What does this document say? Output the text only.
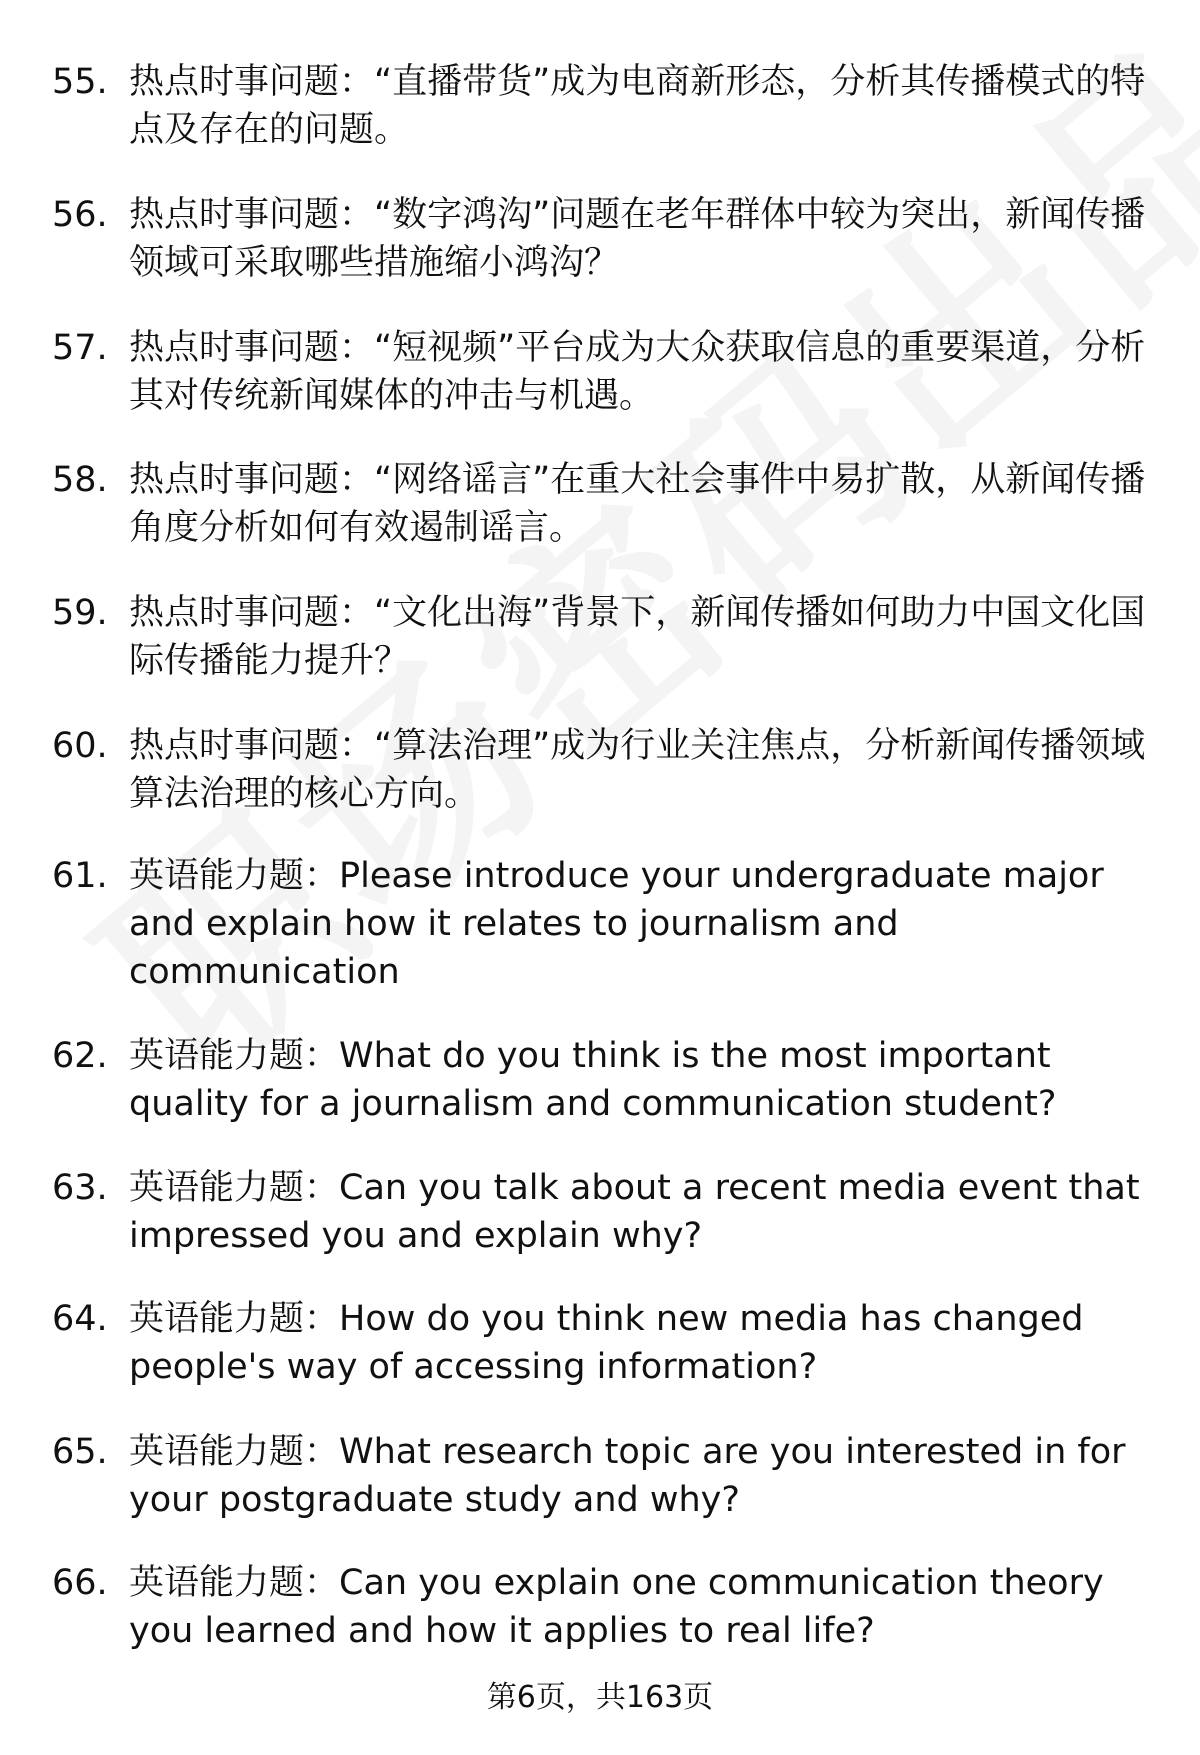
55. 热点时事问题：“直播带货”成为电商新形态，分析其传播模式的特点及存在的问题。
56. 热点时事问题：“数字鸿沟”问题在老年群体中较为突出，新闻传播领域可采取哪些措施缩小鸿沟？
57. 热点时事问题：“短视频”平台成为大众获取信息的重要渠道，分析其对传统新闻媒体的冲击与机遇。
58. 热点时事问题：“网络谣言”在重大社会事件中易扩散，从新闻传播角度分析如何有效遏制谣言。
59. 热点时事问题：“文化出海”背景下，新闻传播如何助力中国文化国际传播能力提升？
60. 热点时事问题：“算法治理”成为行业关注焦点，分析新闻传播领域算法治理的核心方向。
61. 英语能力题：Please introduce your undergraduate major and explain how it relates to journalism and communication
62. 英语能力题：What do you think is the most important quality for a journalism and communication student?
63. 英语能力题：Can you talk about a recent media event that impressed you and explain why?
64. 英语能力题：How do you think new media has changed people's way of accessing information?
65. 英语能力题：What research topic are you interested in for your postgraduate study and why?
66. 英语能力题：Can you explain one communication theory you learned and how it applies to real life?
第6页，共163页
